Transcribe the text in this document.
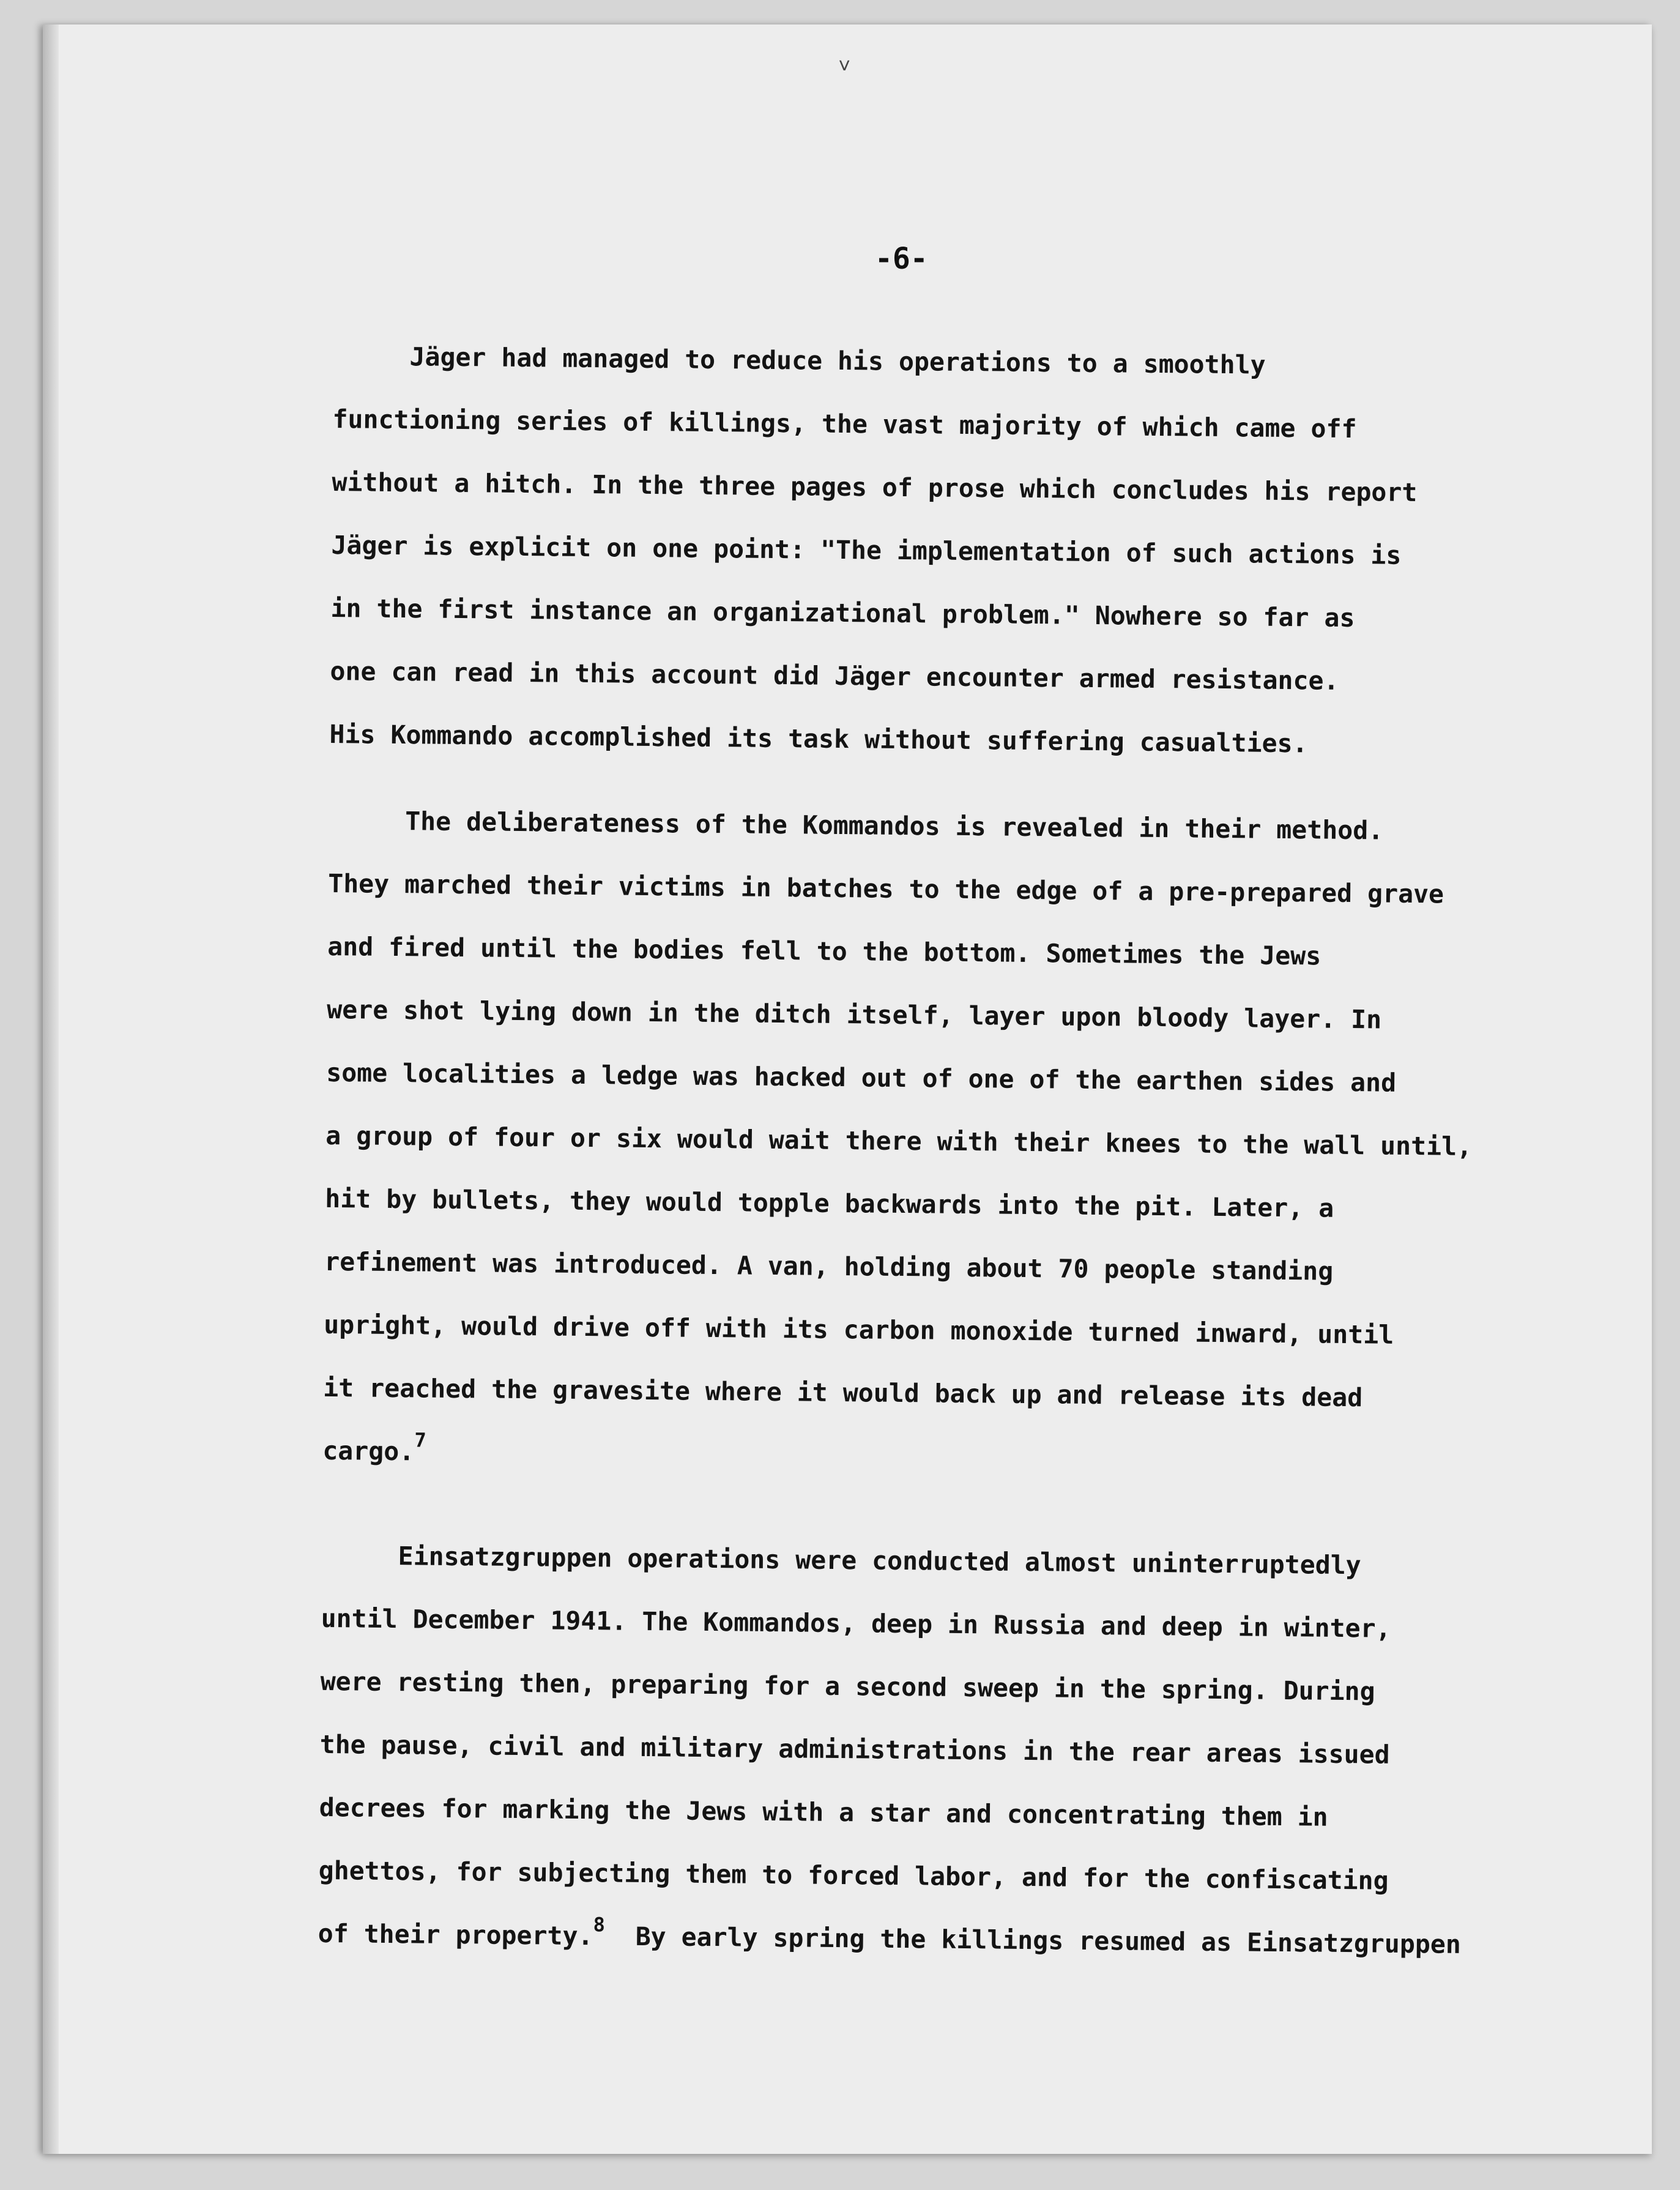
˅
-6-
Jäger had managed to reduce his operations to a smoothly
functioning series of killings, the vast majority of which came off
without a hitch. In the three pages of prose which concludes his report
Jäger is explicit on one point: "The implementation of such actions is
in the first instance an organizational problem." Nowhere so far as
one can read in this account did Jäger encounter armed resistance.
His Kommando accomplished its task without suffering casualties.
The deliberateness of the Kommandos is revealed in their method.
They marched their victims in batches to the edge of a pre-prepared grave
and fired until the bodies fell to the bottom. Sometimes the Jews
were shot lying down in the ditch itself, layer upon bloody layer. In
some localities a ledge was hacked out of one of the earthen sides and
a group of four or six would wait there with their knees to the wall until,
hit by bullets, they would topple backwards into the pit. Later, a
refinement was introduced. A van, holding about 70 people standing
upright, would drive off with its carbon monoxide turned inward, until
it reached the gravesite where it would back up and release its dead
cargo.$^7$
Einsatzgruppen operations were conducted almost uninterruptedly
until December 1941. The Kommandos, deep in Russia and deep in winter,
were resting then, preparing for a second sweep in the spring. During
the pause, civil and military administrations in the rear areas issued
decrees for marking the Jews with a star and concentrating them in
ghettos, for subjecting them to forced labor, and for the confiscating
of their property.$^8$  By early spring the killings resumed as Einsatzgruppen
